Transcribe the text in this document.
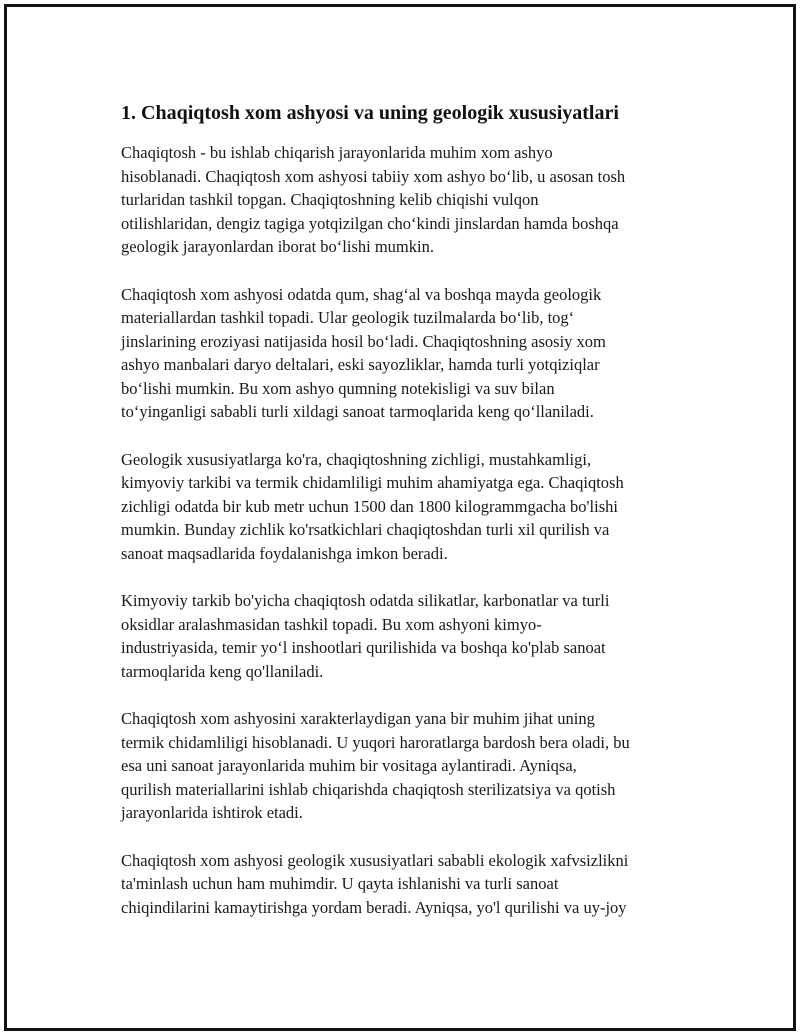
1. Chaqiqtosh xom ashyosi va uning geologik xususiyatlari

Chaqiqtosh - bu ishlab chiqarish jarayonlarida muhim xom ashyo
hisoblanadi. Chaqiqtosh xom ashyosi tabiiy xom ashyo bo‘lib, u asosan tosh
turlaridan tashkil topgan. Chaqiqtoshning kelib chiqishi vulqon
otilishlaridan, dengiz tagiga yotqizilgan cho‘kindi jinslardan hamda boshqa
geologik jarayonlardan iborat bo‘lishi mumkin.

Chaqiqtosh xom ashyosi odatda qum, shag‘al va boshqa mayda geologik
materiallardan tashkil topadi. Ular geologik tuzilmalarda bo‘lib, tog‘
jinslarining eroziyasi natijasida hosil bo‘ladi. Chaqiqtoshning asosiy xom
ashyo manbalari daryo deltalari, eski sayozliklar, hamda turli yotqiziqlar
bo‘lishi mumkin. Bu xom ashyo qumning notekisligi va suv bilan
to‘yinganligi sababli turli xildagi sanoat tarmoqlarida keng qo‘llaniladi.

Geologik xususiyatlarga ko'ra, chaqiqtoshning zichligi, mustahkamligi,
kimyoviy tarkibi va termik chidamliligi muhim ahamiyatga ega. Chaqiqtosh
zichligi odatda bir kub metr uchun 1500 dan 1800 kilogrammgacha bo'lishi
mumkin. Bunday zichlik ko'rsatkichlari chaqiqtoshdan turli xil qurilish va
sanoat maqsadlarida foydalanishga imkon beradi.

Kimyoviy tarkib bo'yicha chaqiqtosh odatda silikatlar, karbonatlar va turli
oksidlar aralashmasidan tashkil topadi. Bu xom ashyoni kimyo-
industriyasida, temir yo‘l inshootlari qurilishida va boshqa ko'plab sanoat
tarmoqlarida keng qo'llaniladi.

Chaqiqtosh xom ashyosini xarakterlaydigan yana bir muhim jihat uning
termik chidamliligi hisoblanadi. U yuqori haroratlarga bardosh bera oladi, bu
esa uni sanoat jarayonlarida muhim bir vositaga aylantiradi. Ayniqsa,
qurilish materiallarini ishlab chiqarishda chaqiqtosh sterilizatsiya va qotish
jarayonlarida ishtirok etadi.

Chaqiqtosh xom ashyosi geologik xususiyatlari sababli ekologik xafvsizlikni
ta'minlash uchun ham muhimdir. U qayta ishlanishi va turli sanoat
chiqindilarini kamaytirishga yordam beradi. Ayniqsa, yo'l qurilishi va uy-joy
